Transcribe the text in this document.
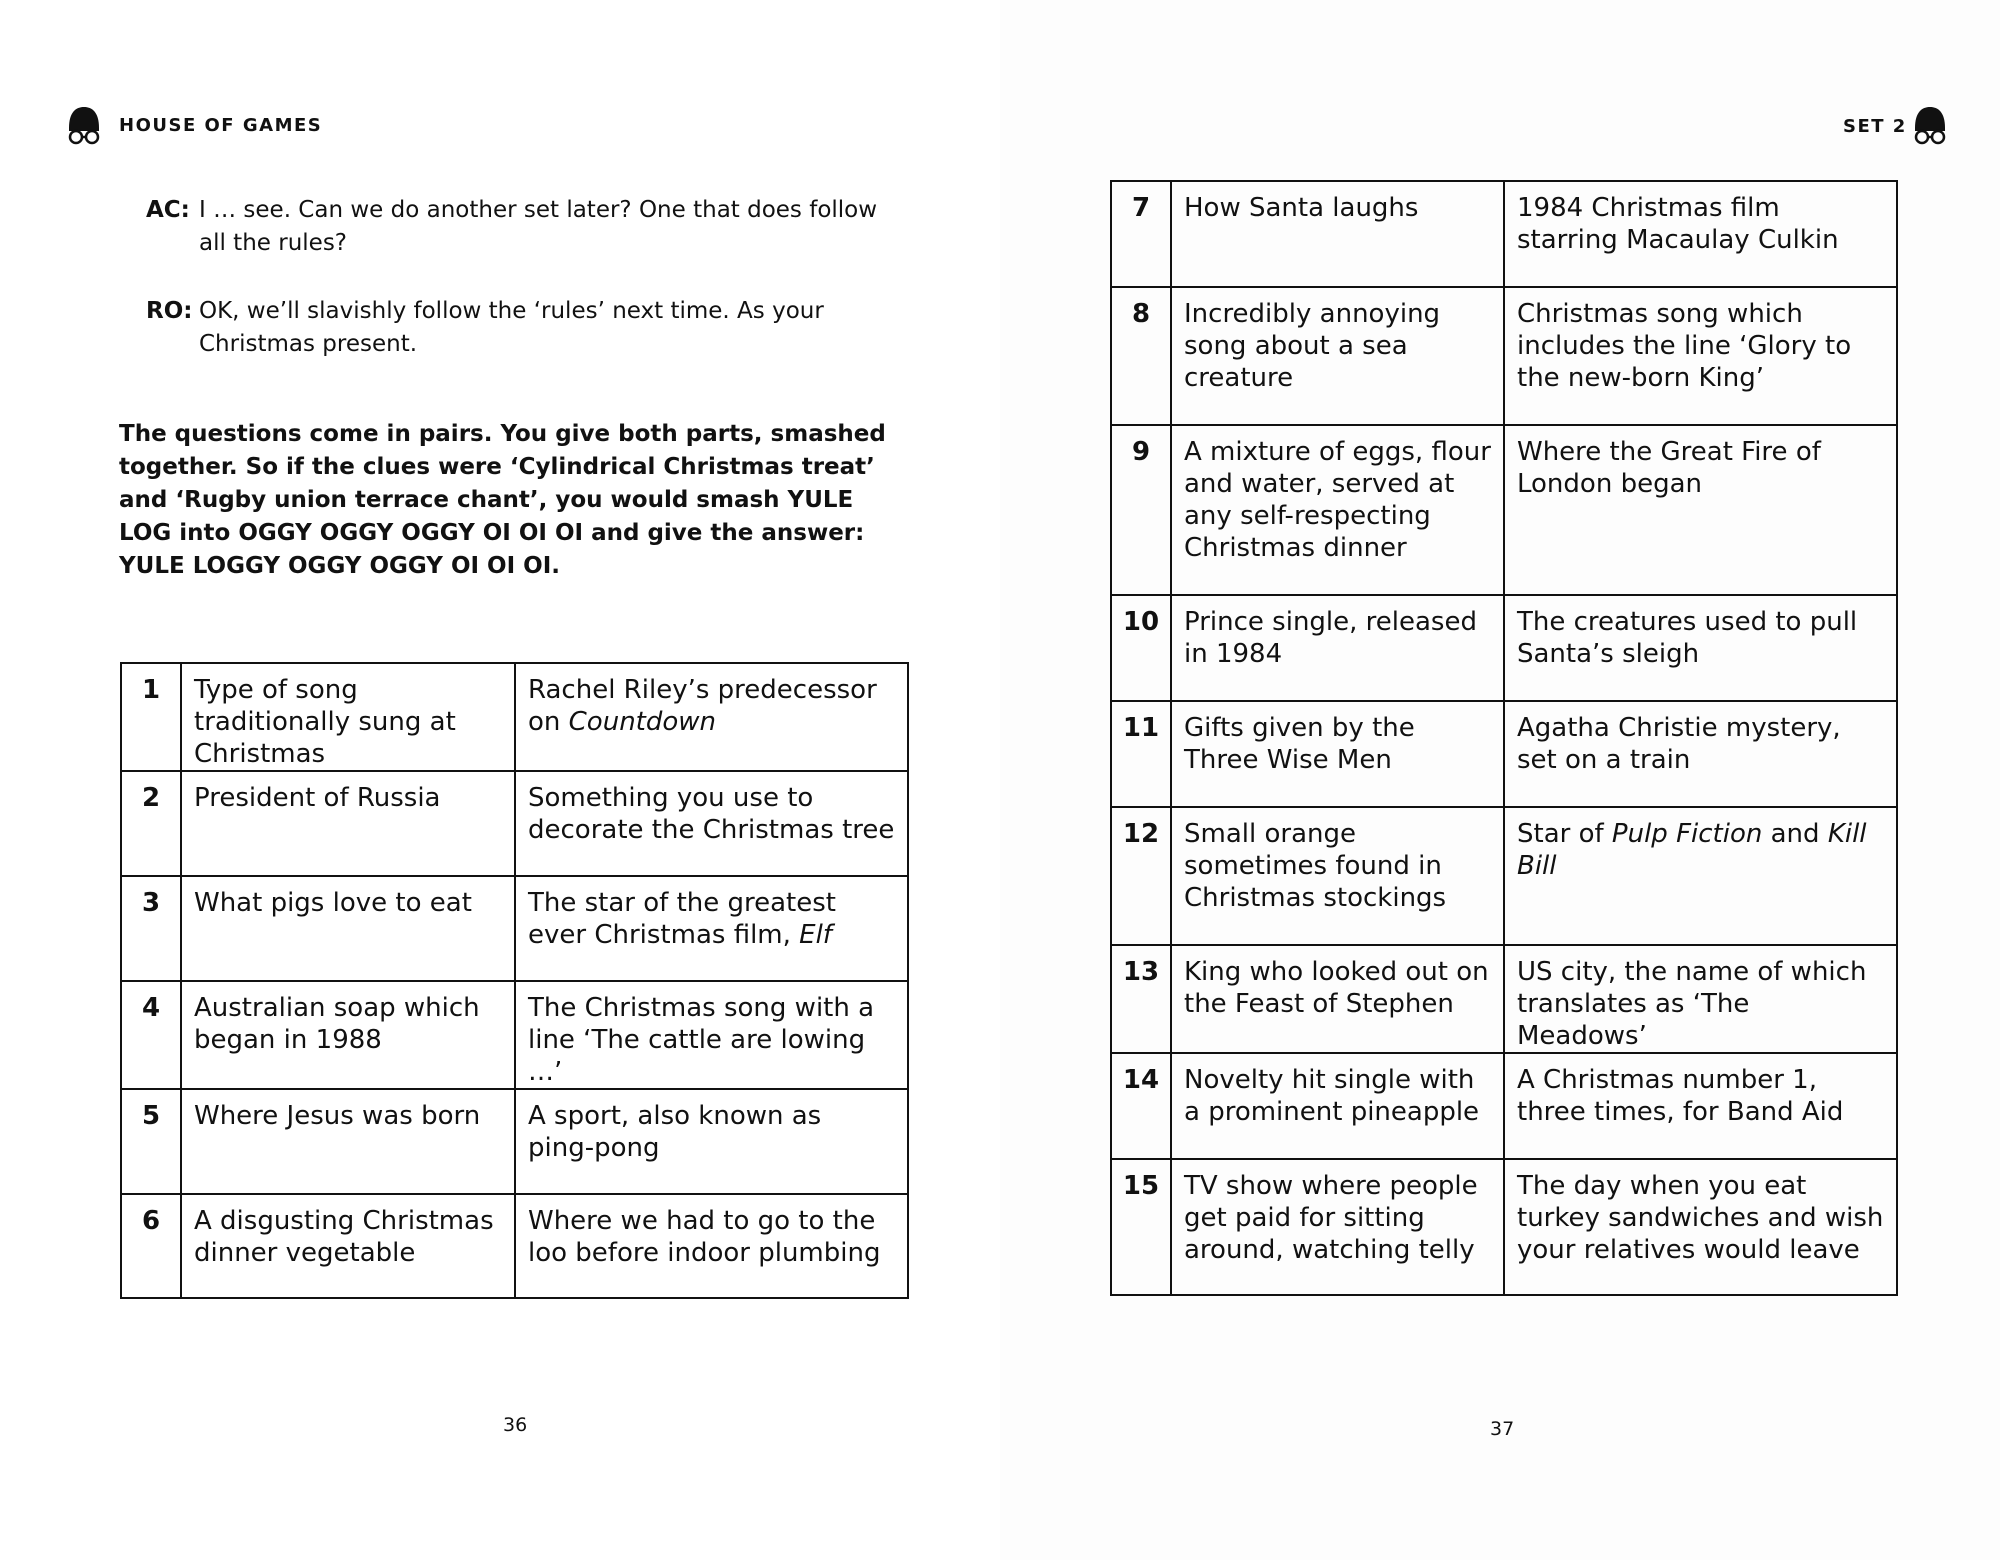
HOUSE OF GAMES
AC: I … see. Can we do another set later? One that does follow all the rules?
RO: OK, we’ll slavishly follow the ‘rules’ next time. As your Christmas present.
The questions come in pairs. You give both parts, smashed together. So if the clues were ‘Cylindrical Christmas treat’ and ‘Rugby union terrace chant’, you would smash YULE LOG into OGGY OGGY OGGY OI OI OI and give the answer: YULE LOGGY OGGY OGGY OI OI OI.
1	Type of song traditionally sung at Christmas	Rachel Riley’s predecessor on Countdown
2	President of Russia	Something you use to decorate the Christmas tree
3	What pigs love to eat	The star of the greatest ever Christmas film, Elf
4	Australian soap which began in 1988	The Christmas song with a line ‘The cattle are lowing …’
5	Where Jesus was born	A sport, also known as ping-pong
6	A disgusting Christmas dinner vegetable	Where we had to go to the loo before indoor plumbing
36
SET 2
37
7	How Santa laughs	1984 Christmas film starring Macaulay Culkin
8	Incredibly annoying song about a sea creature	Christmas song which includes the line ‘Glory to the new-born King’
9	A mixture of eggs, flour and water, served at any self-respecting Christmas dinner	Where the Great Fire of London began
10	Prince single, released in 1984	The creatures used to pull Santa’s sleigh
11	Gifts given by the Three Wise Men	Agatha Christie mystery, set on a train
12	Small orange sometimes found in Christmas stockings	Star of Pulp Fiction and Kill Bill
13	King who looked out on the Feast of Stephen	US city, the name of which translates as ‘The Meadows’
14	Novelty hit single with a prominent pineapple	A Christmas number 1, three times, for Band Aid
15	TV show where people get paid for sitting around, watching telly	The day when you eat turkey sandwiches and wish your relatives would leave
